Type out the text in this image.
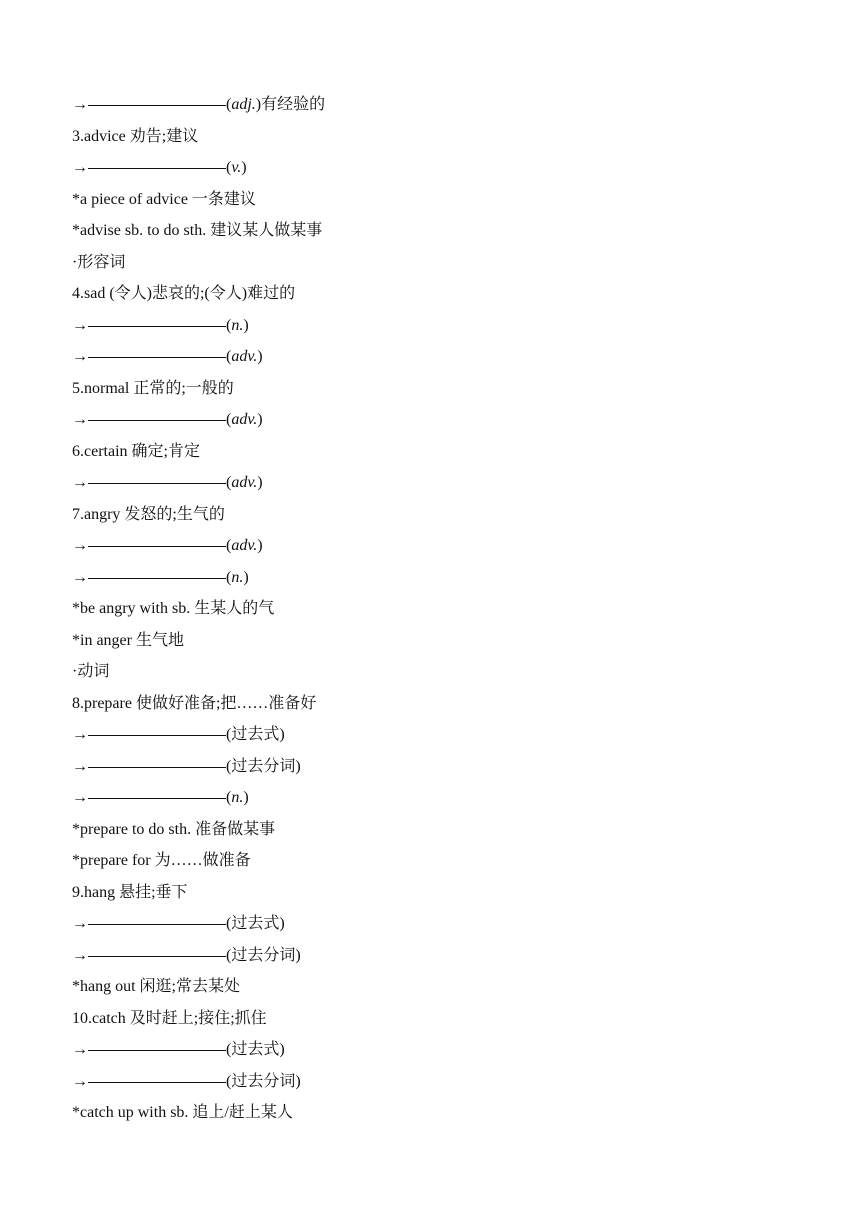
→	(adj.)有经验的
3.advice 劝告;建议
→	(v.)
*a piece of advice 一条建议
*advise sb. to do sth. 建议某人做某事
·形容词
4.sad (令人)悲哀的;(令人)难过的
→	(n.)
→	(adv.)
5.normal 正常的;一般的
→	(adv.)
6.certain 确定;肯定
→	(adv.)
7.angry 发怒的;生气的
→	(adv.)
→	(n.)
*be angry with sb. 生某人的气
*in anger 生气地
·动词
8.prepare 使做好准备;把……准备好
→	(过去式)
→	(过去分词)
→	(n.)
*prepare to do sth. 准备做某事
*prepare for 为……做准备
9.hang 悬挂;垂下
→	(过去式)
→	(过去分词)
*hang out 闲逛;常去某处
10.catch 及时赶上;接住;抓住
→	(过去式)
→	(过去分词)
*catch up with sb. 追上/赶上某人
